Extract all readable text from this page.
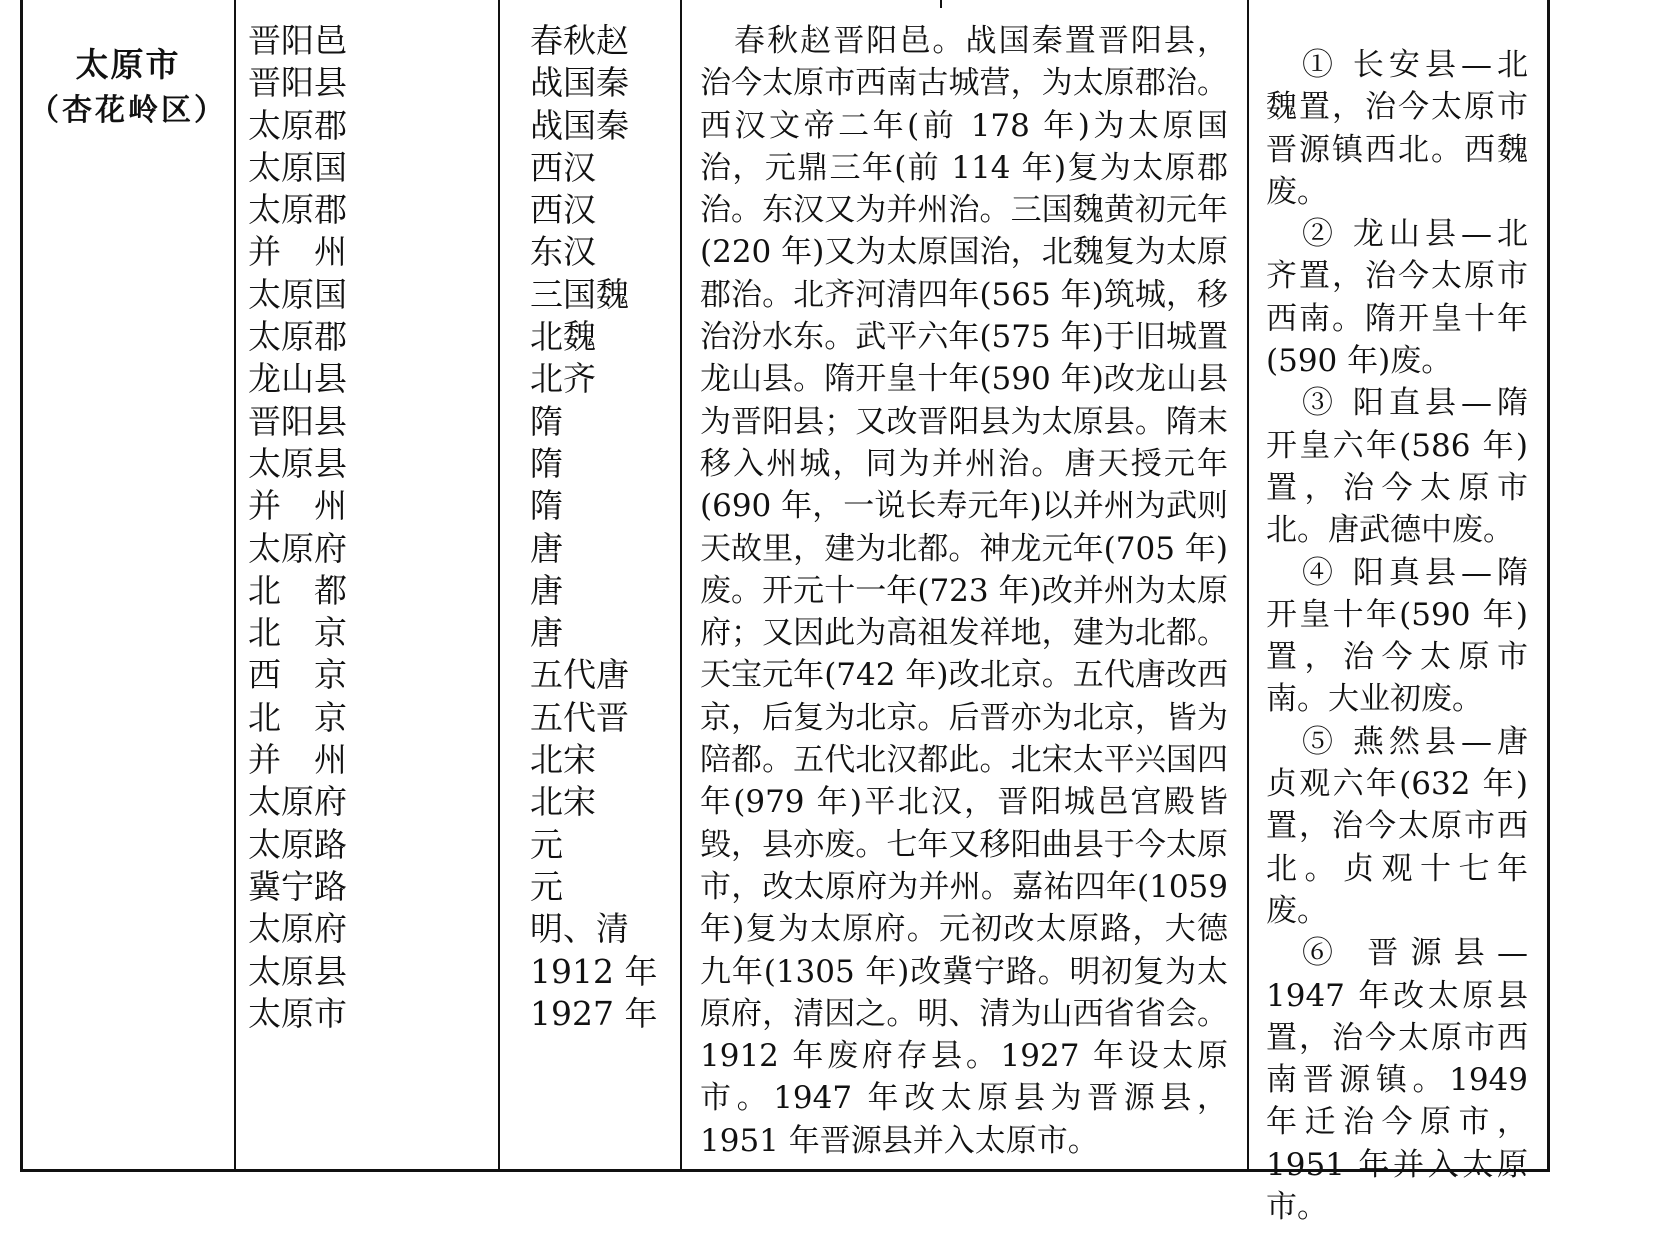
太原市
（杏花岭区）
晋阳邑
晋阳县
太原郡
太原国
太原郡
并　州
太原国
太原郡
龙山县
晋阳县
太原县
并　州
太原府
北　都
北　京
西　京
北　京
并　州
太原府
太原路
冀宁路
太原府
太原县
太原市
春秋赵
战国秦
战国秦
西汉
西汉
东汉
三国魏
北魏
北齐
隋
隋
隋
唐
唐
唐
五代唐
五代晋
北宋
北宋
元
元
明、清
1912 年
1927 年
春秋赵晋阳邑。战国秦置晋阳县，治今太原市西南古城营，为太原郡治。西汉文帝二年(前 178 年)为太原国治，元鼎三年(前 114 年)复为太原郡治。东汉又为并州治。三国魏黄初元年(220 年)又为太原国治，北魏复为太原郡治。北齐河清四年(565 年)筑城，移治汾水东。武平六年(575 年)于旧城置龙山县。隋开皇十年(590 年)改龙山县为晋阳县；又改晋阳县为太原县。隋末移入州城，同为并州治。唐天授元年(690 年，一说长寿元年)以并州为武则天故里，建为北都。神龙元年(705 年)废。开元十一年(723 年)改并州为太原府；又因此为高祖发祥地，建为北都。天宝元年(742 年)改北京。五代唐改西京，后复为北京。后晋亦为北京，皆为陪都。五代北汉都此。北宋太平兴国四年(979 年)平北汉，晋阳城邑宫殿皆毁，县亦废。七年又移阳曲县于今太原市，改太原府为并州。嘉祐四年(1059 年)复为太原府。元初改太原路，大德九年(1305 年)改冀宁路。明初复为太原府，清因之。明、清为山西省省会。1912 年废府存县。1927 年设太原市。1947 年改太原县为晋源县，1951 年晋源县并入太原市。

① 长安县—北魏置，治今太原市晋源镇西北。西魏废。

② 龙山县—北齐置，治今太原市西南。隋开皇十年(590 年)废。

③ 阳直县—隋开皇六年(586 年)置，治今太原市北。唐武德中废。

④ 阳真县—隋开皇十年(590 年)置，治今太原市南。大业初废。

⑤ 燕然县—唐贞观六年(632 年)置，治今太原市西北。贞观十七年废。

⑥ 晋源县—1947 年改太原县置，治今太原市西南晋源镇。1949 年迁治今原市，1951 年并入太原市。
